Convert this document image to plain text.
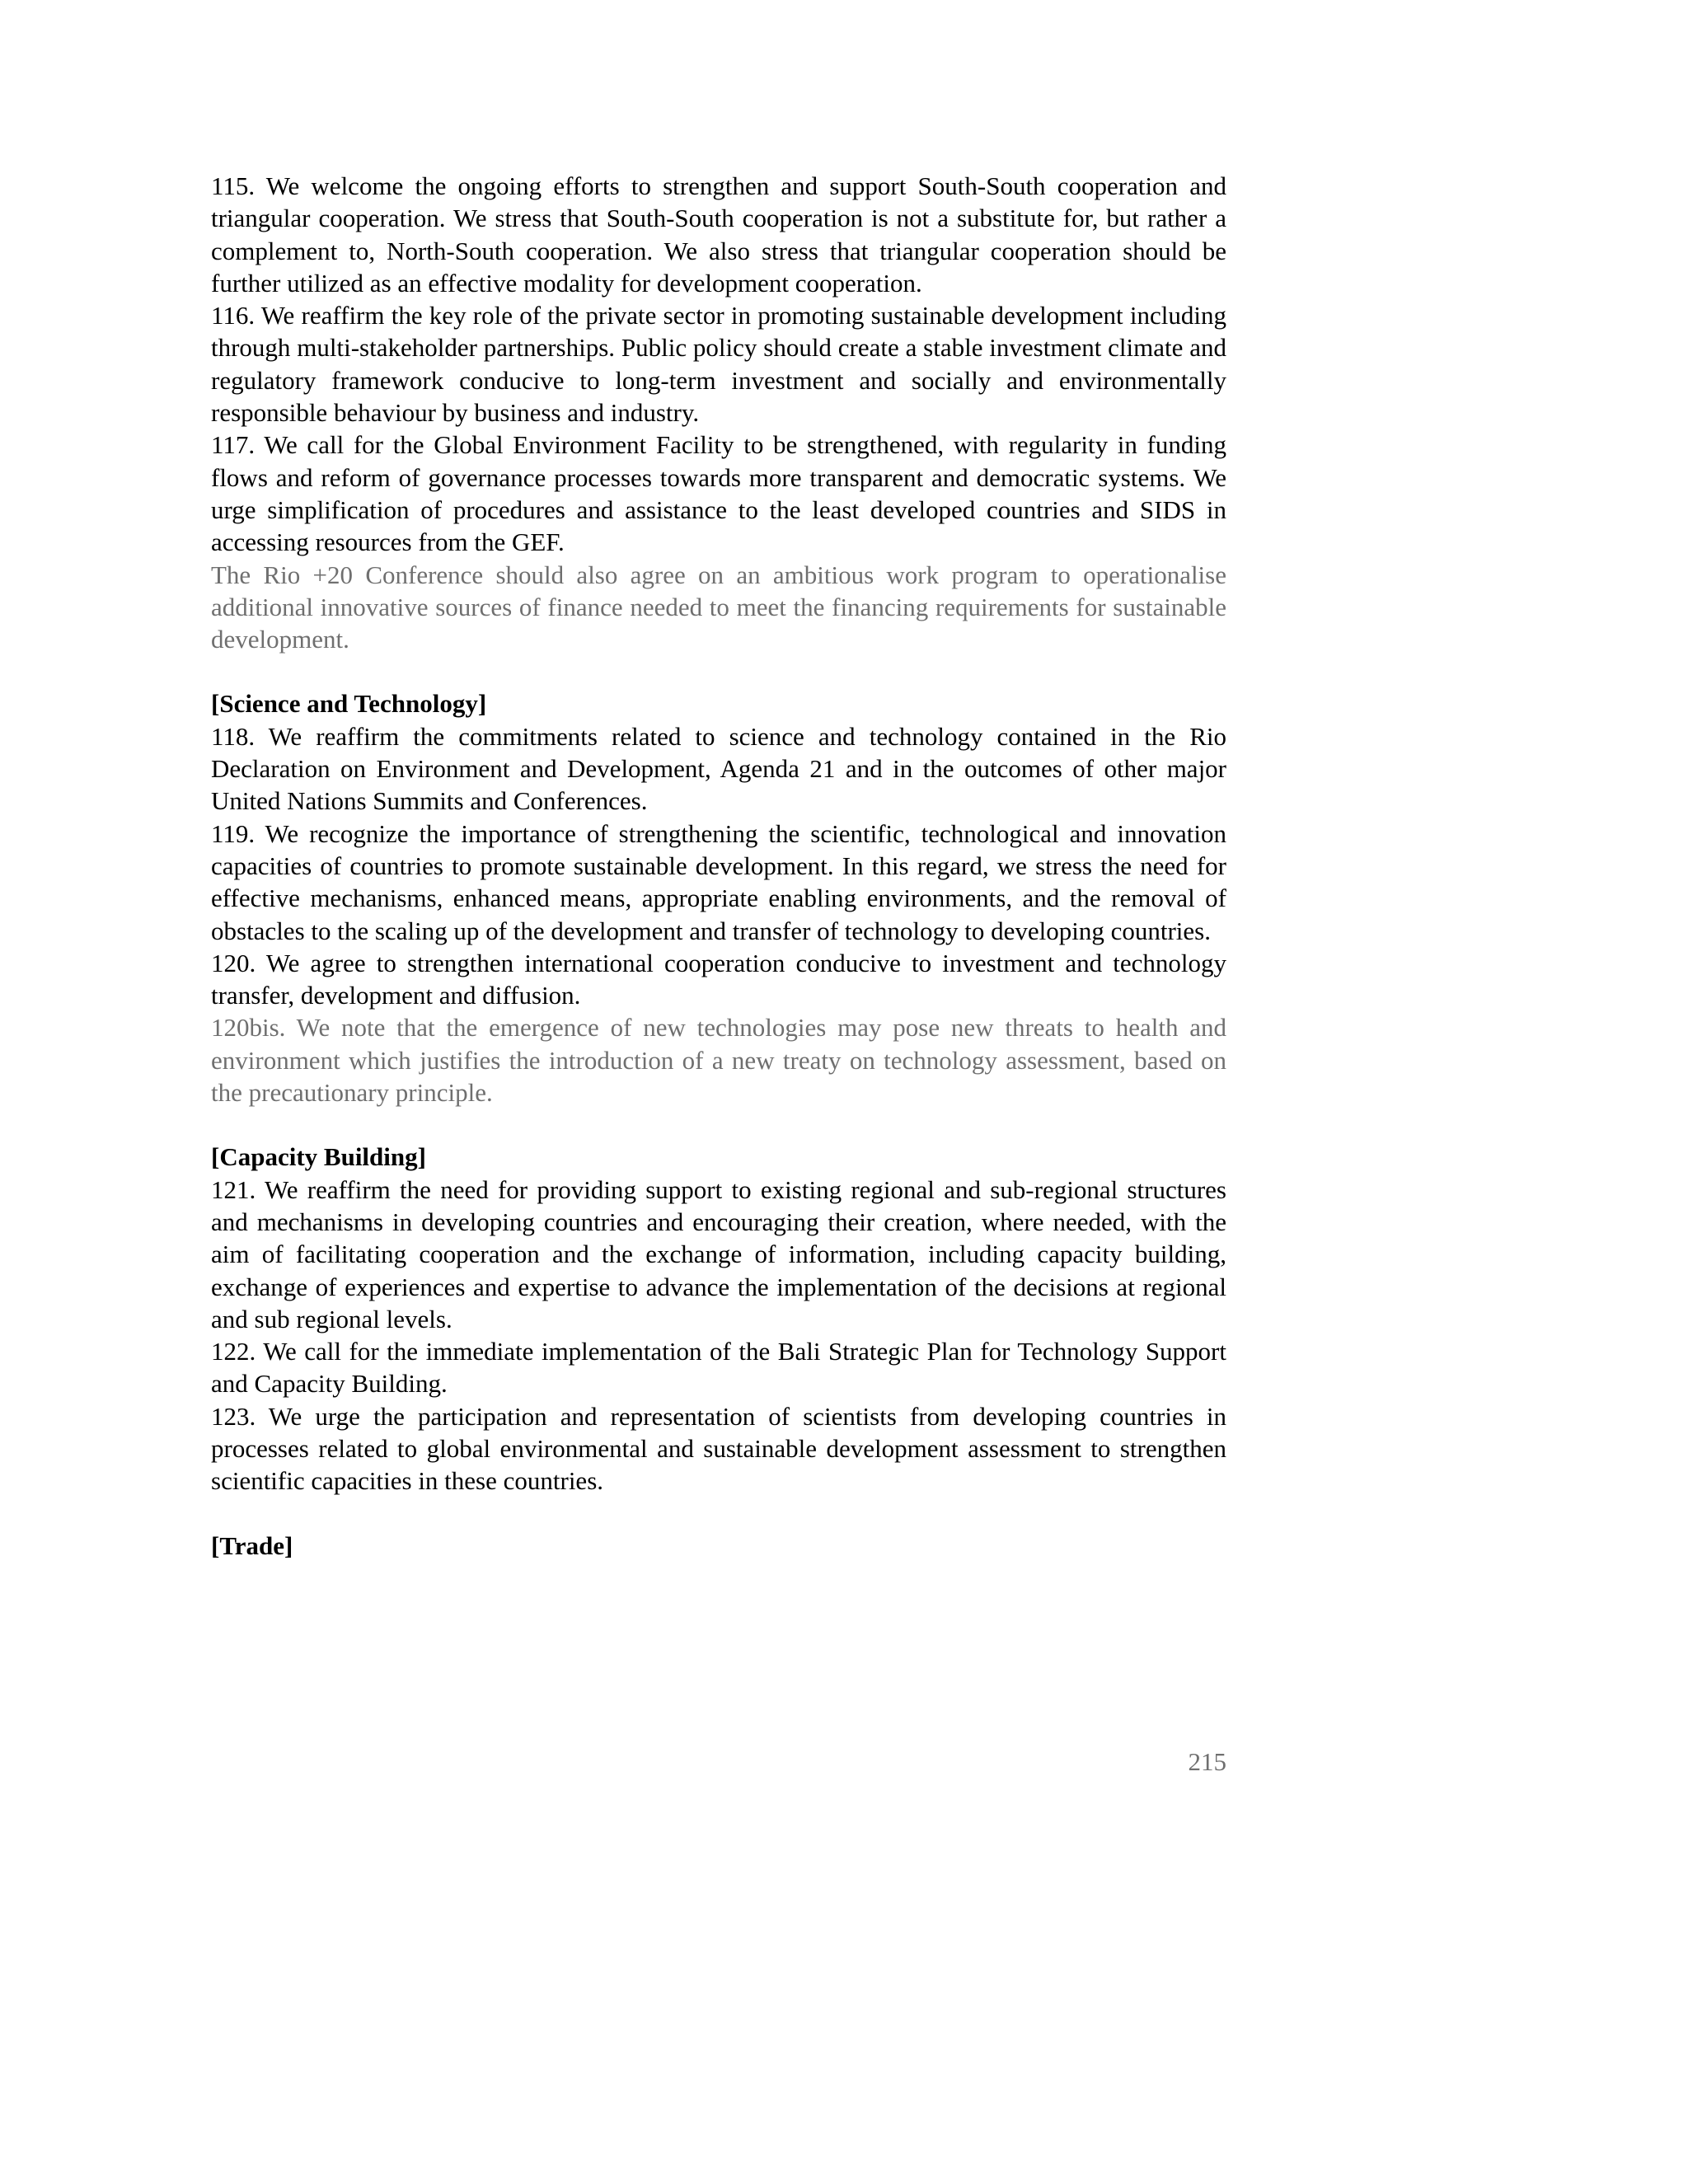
115. We welcome the ongoing efforts to strengthen and support South-South cooperation and triangular cooperation. We stress that South-South cooperation is not a substitute for, but rather a complement to, North-South cooperation. We also stress that triangular cooperation should be further utilized as an effective modality for development cooperation.

116. We reaffirm the key role of the private sector in promoting sustainable development including through multi-stakeholder partnerships. Public policy should create a stable investment climate and regulatory framework conducive to long-term investment and socially and environmentally responsible behaviour by business and industry.

117. We call for the Global Environment Facility to be strengthened, with regularity in funding flows and reform of governance processes towards more transparent and democratic systems. We urge simplification of procedures and assistance to the least developed countries and SIDS in accessing resources from the GEF.

The Rio +20 Conference should also agree on an ambitious work program to operationalise additional innovative sources of finance needed to meet the financing requirements for sustainable development.

[Science and Technology]

118. We reaffirm the commitments related to science and technology contained in the Rio Declaration on Environment and Development, Agenda 21 and in the outcomes of other major United Nations Summits and Conferences.

119. We recognize the importance of strengthening the scientific, technological and innovation capacities of countries to promote sustainable development. In this regard, we stress the need for effective mechanisms, enhanced means, appropriate enabling environments, and the removal of obstacles to the scaling up of the development and transfer of technology to developing countries.

120. We agree to strengthen international cooperation conducive to investment and technology transfer, development and diffusion.

120bis. We note that the emergence of new technologies may pose new threats to health and environment which justifies the introduction of a new treaty on technology assessment, based on the precautionary principle.

[Capacity Building]

121. We reaffirm the need for providing support to existing regional and sub-regional structures and mechanisms in developing countries and encouraging their creation, where needed, with the aim of facilitating cooperation and the exchange of information, including capacity building, exchange of experiences and expertise to advance the implementation of the decisions at regional and sub regional levels.

122. We call for the immediate implementation of the Bali Strategic Plan for Technology Support and Capacity Building.

123. We urge the participation and representation of scientists from developing countries in processes related to global environmental and sustainable development assessment to strengthen scientific capacities in these countries.

[Trade]

215
